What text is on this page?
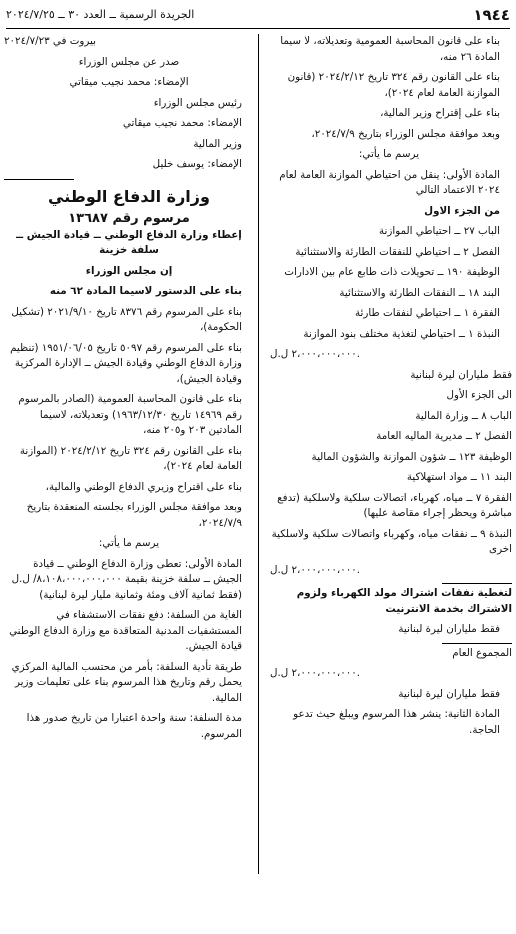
١٩٤٤
الجريدة الرسمية ــ العدد ٣٠ ــ ٢٠٢٤/٧/٢٥

بناء على قانون المحاسبة العمومية وتعديلاته، لا سيما المادة ٢٦ منه،

بناء على القانون رقم ٣٢٤ تاريخ ٢٠٢٤/٢/١٢ (قانون الموازنة العامة لعام ٢٠٢٤)،

بناء على إقتراح وزير المالية،

وبعد موافقة مجلس الوزراء بتاريخ ٢٠٢٤/٧/٩،

يرسم ما يأتي:

المادة الأولى: ينقل من احتياطي الموازنة العامة لعام ٢٠٢٤ الاعتماد التالي

من الجزء الاول

الباب ٢٧ ــ احتياطي الموازنة

الفصل ٢ ــ احتياطي للنفقات الطارئة والاستثنائية

الوظيفة ١٩٠ ــ تحويلات ذات طابع عام بين الادارات

البند ١٨ ــ النفقات الطارئة والاستثنائية

الفقرة ١ ــ احتياطي لنفقات طارئة

النبذة ١ ــ احتياطي لتغذية مختلف بنود الموازنة

٢،٠٠٠،٠٠٠،٠٠٠ ل.ل.

فقط ملياران ليرة لبنانية

الى الجزء الأول

الباب ٨ ــ وزارة المالية

الفصل ٢ ــ مديرية الماليه العامة

الوظيفة ١٢٣ ــ شؤون الموازنة والشؤون المالية

البند ١١ ــ مواد استهلاكية

الفقرة ٧ ــ مياه، كهرباء، اتصالات سلكية ولاسلكية (تدفع مباشرة ويحظر إجراء مقاصة عليها)

النبذة ٩ ــ نفقات مياه، وكهرباء واتصالات سلكية ولاسلكية اخرى

٢،٠٠٠،٠٠٠،٠٠٠ ل.ل.

لتغطية نفقات اشتراك مولد الكهرباء ولزوم الاشتراك بخدمة الانترنيت

فقط ملياران ليرة لبنانية

المجموع العام

٢،٠٠٠،٠٠٠،٠٠٠ ل.ل.

فقط ملياران ليرة لبنانية

المادة الثانية: ينشر هذا المرسوم ويبلغ حيث تدعو الحاجة.

بيروت في ٢٠٢٤/٧/٢٣

صدر عن مجلس الوزراء

الإمضاء: محمد نجيب ميقاتي

رئيس مجلس الوزراء

الإمضاء: محمد نجيب ميقاتي

وزير المالية

الإمضاء: يوسف خليل

وزارة الدفاع الوطني
مرسوم رقم ١٣٦٨٧

إعطاء وزارة الدفاع الوطني ــ قيادة الجيش ــ سلفة خزينة

إن مجلس الوزراء

بناء على الدستور لاسيما المادة ٦٢ منه

بناء على المرسوم رقم ٨٣٧٦ تاريخ ٢٠٢١/٩/١٠ (تشكيل الحكومة)،

بناء على المرسوم رقم ٥٠٩٧ تاريخ ١٩٥١/٠٦/٠٥ (تنظيم وزارة الدفاع الوطني وقيادة الجيش ــ الإدارة المركزية وقيادة الجيش)،

بناء على قانون المحاسبة العمومية (الصادر بالمرسوم رقم ١٤٩٦٩ تاريخ ١٩٦٣/١٢/٣٠) وتعديلاته، لاسيما المادتين ٢٠٣ و٢٠٥ منه،

بناء على القانون رقم ٣٢٤ تاريخ ٢٠٢٤/٢/١٢ (الموازنة العامة لعام ٢٠٢٤)،

بناء على اقتراح وزيري الدفاع الوطني والمالية،

وبعد موافقة مجلس الوزراء بجلسته المنعقدة بتاريخ ٢٠٢٤/٧/٩،

يرسم ما يأتي:

المادة الأولى: تعطى وزارة الدفاع الوطني ــ قيادة الجيش ــ سلفة خزينة بقيمة ٨،١٠٨،٠٠٠،٠٠٠،٠٠٠/ ل.ل (فقط ثمانية آلاف ومئة وثمانية مليار ليرة لبنانية)

الغاية من السلفة: دفع نفقات الاستشفاء في المستشفيات المدنية المتعاقدة مع وزارة الدفاع الوطني قيادة الجيش.

طريقة تأدية السلفة: بأمر من محتسب المالية المركزي يحمل رقم وتاريخ هذا المرسوم بناء على تعليمات وزير المالية.

مدة السلفة: سنة واحدة اعتبارا من تاريخ صدور هذا المرسوم.
